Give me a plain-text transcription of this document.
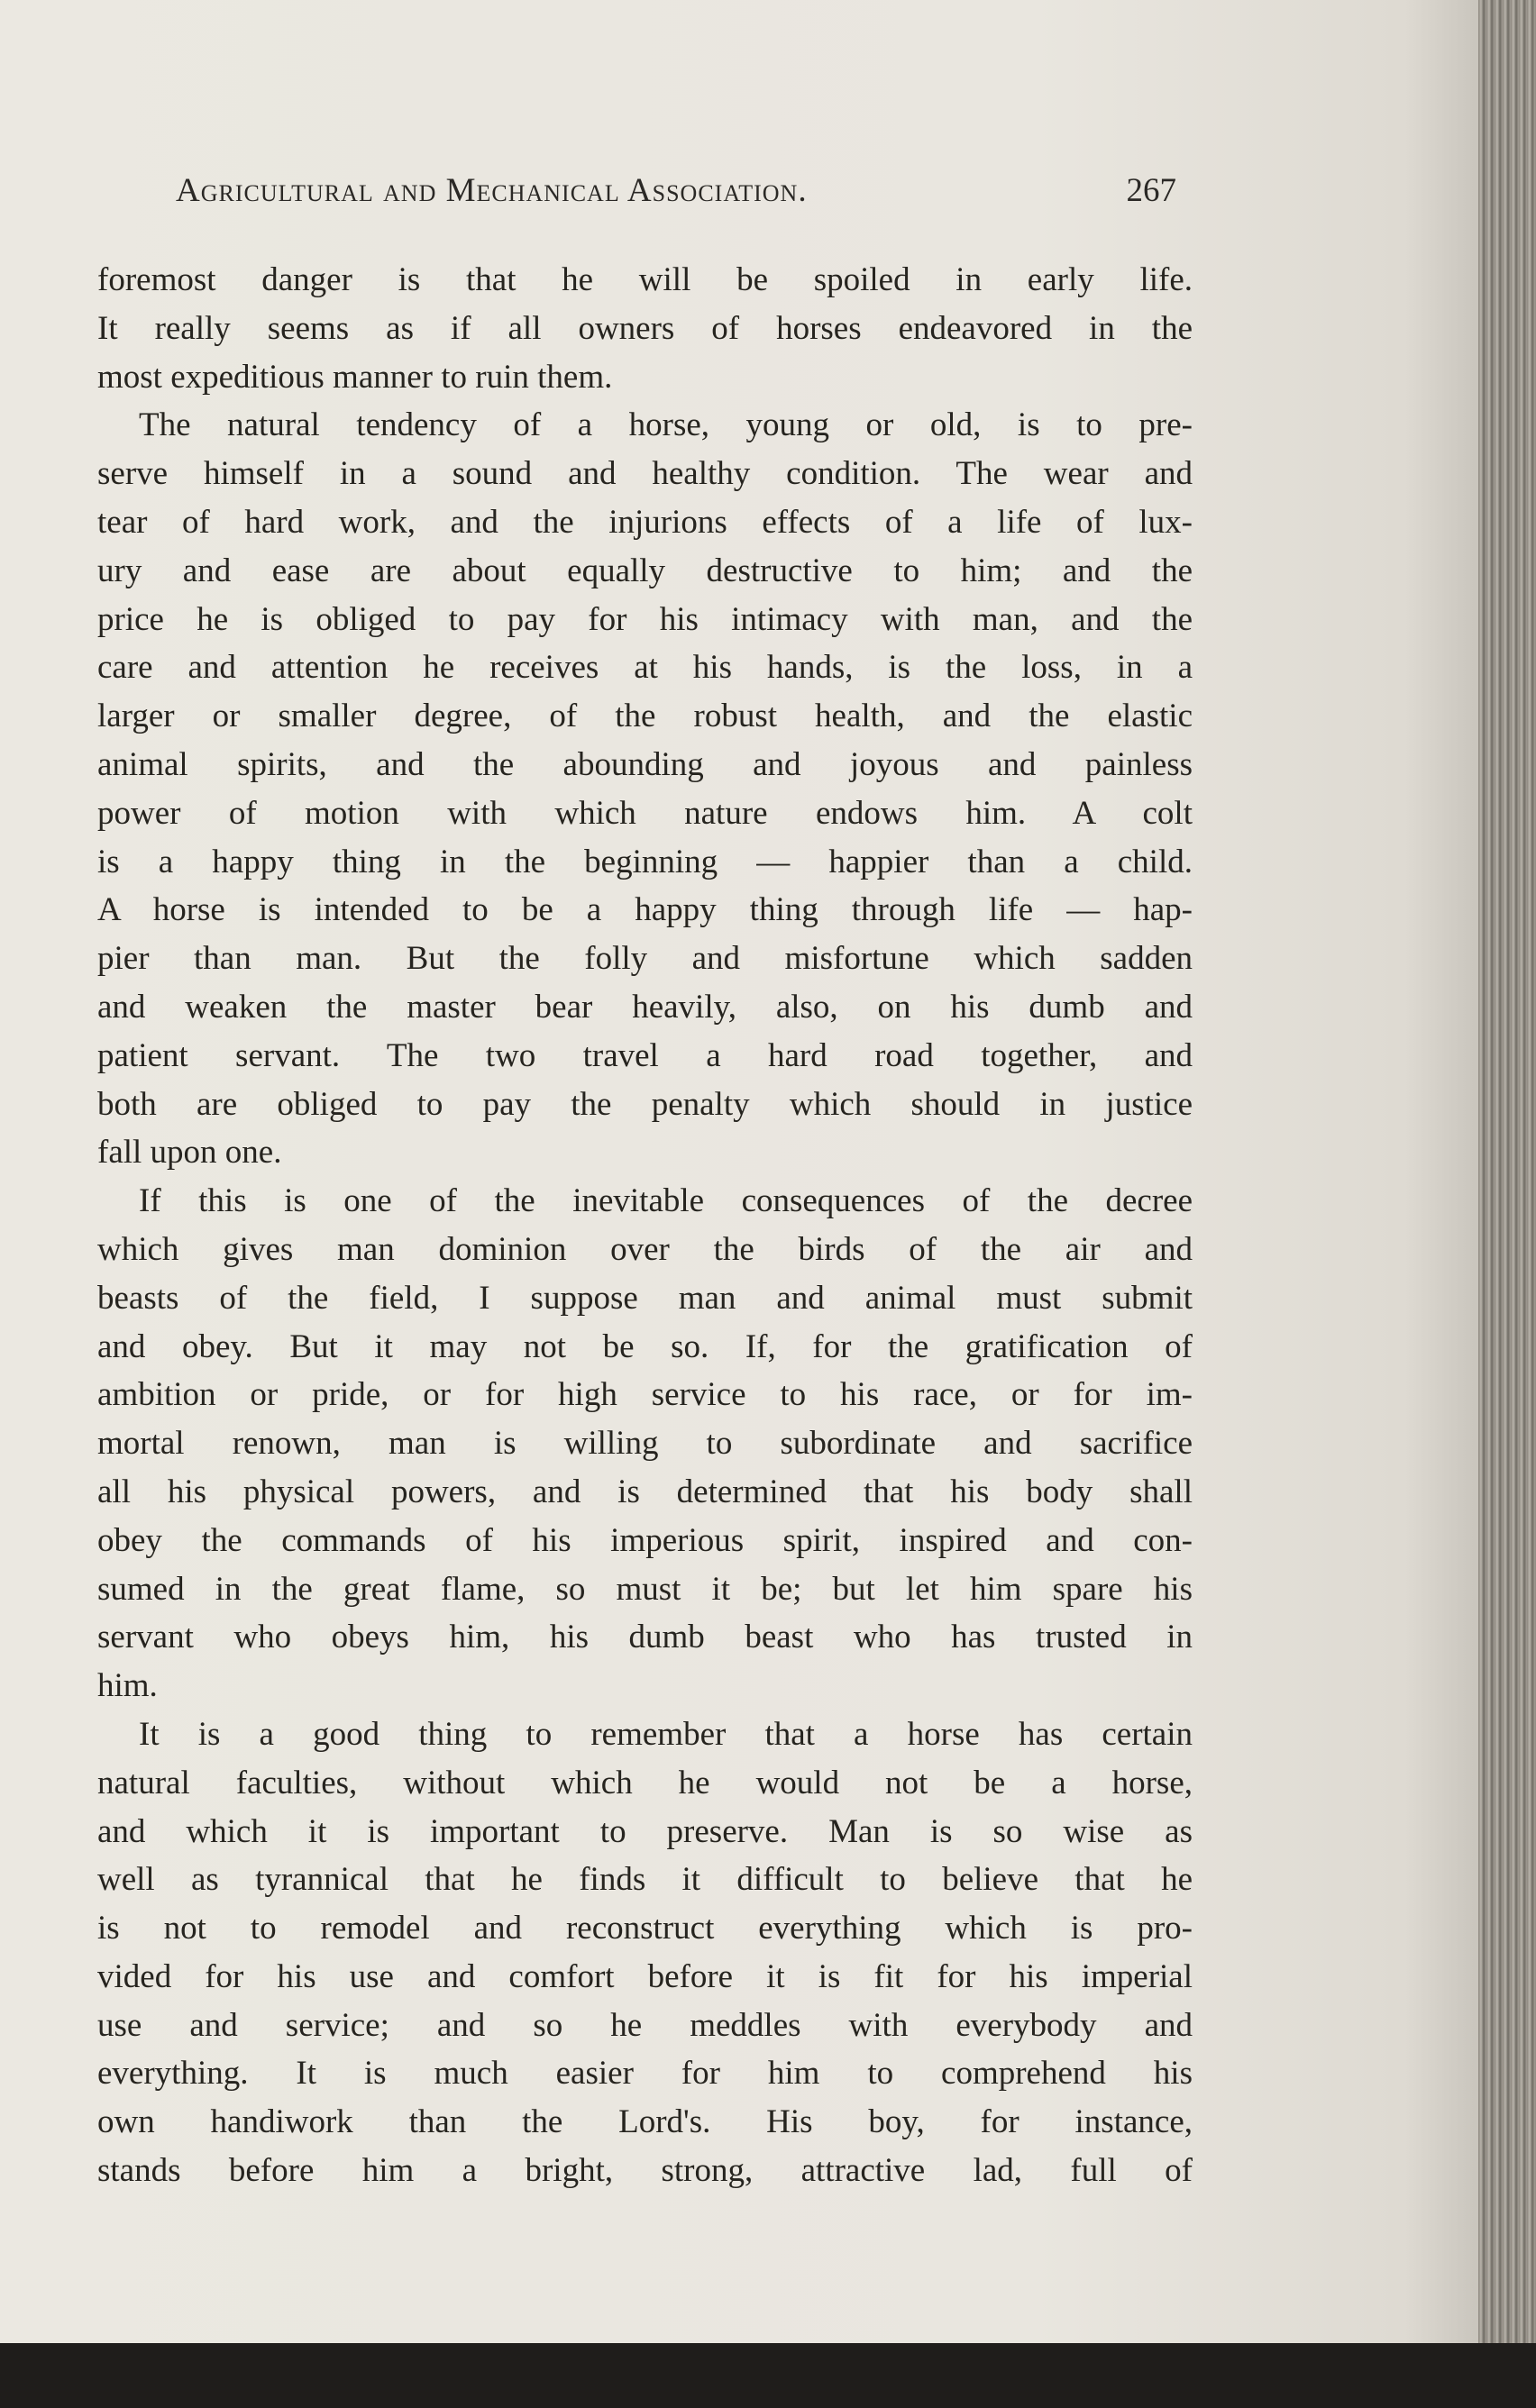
Agricultural and Mechanical Association.	267
foremost danger is that he will be spoiled in early life.
It really seems as if all owners of horses endeavored in the
most expeditious manner to ruin them.
The natural tendency of a horse, young or old, is to pre-
serve himself in a sound and healthy condition. The wear and
tear of hard work, and the injurions effects of a life of lux-
ury and ease are about equally destructive to him; and the
price he is obliged to pay for his intimacy with man, and the
care and attention he receives at his hands, is the loss, in a
larger or smaller degree, of the robust health, and the elastic
animal spirits, and the abounding and joyous and painless
power of motion with which nature endows him. A colt
is a happy thing in the beginning — happier than a child.
A horse is intended to be a happy thing through life — hap-
pier than man. But the folly and misfortune which sadden
and weaken the master bear heavily, also, on his dumb and
patient servant. The two travel a hard road together, and
both are obliged to pay the penalty which should in justice
fall upon one.
If this is one of the inevitable consequences of the decree
which gives man dominion over the birds of the air and
beasts of the field, I suppose man and animal must submit
and obey. But it may not be so. If, for the gratification of
ambition or pride, or for high service to his race, or for im-
mortal renown, man is willing to subordinate and sacrifice
all his physical powers, and is determined that his body shall
obey the commands of his imperious spirit, inspired and con-
sumed in the great flame, so must it be; but let him spare his
servant who obeys him, his dumb beast who has trusted in
him.
It is a good thing to remember that a horse has certain
natural faculties, without which he would not be a horse,
and which it is important to preserve. Man is so wise as
well as tyrannical that he finds it difficult to believe that he
is not to remodel and reconstruct everything which is pro-
vided for his use and comfort before it is fit for his imperial
use and service; and so he meddles with everybody and
everything. It is much easier for him to comprehend his
own handiwork than the Lord's. His boy, for instance,
stands before him a bright, strong, attractive lad, full of
